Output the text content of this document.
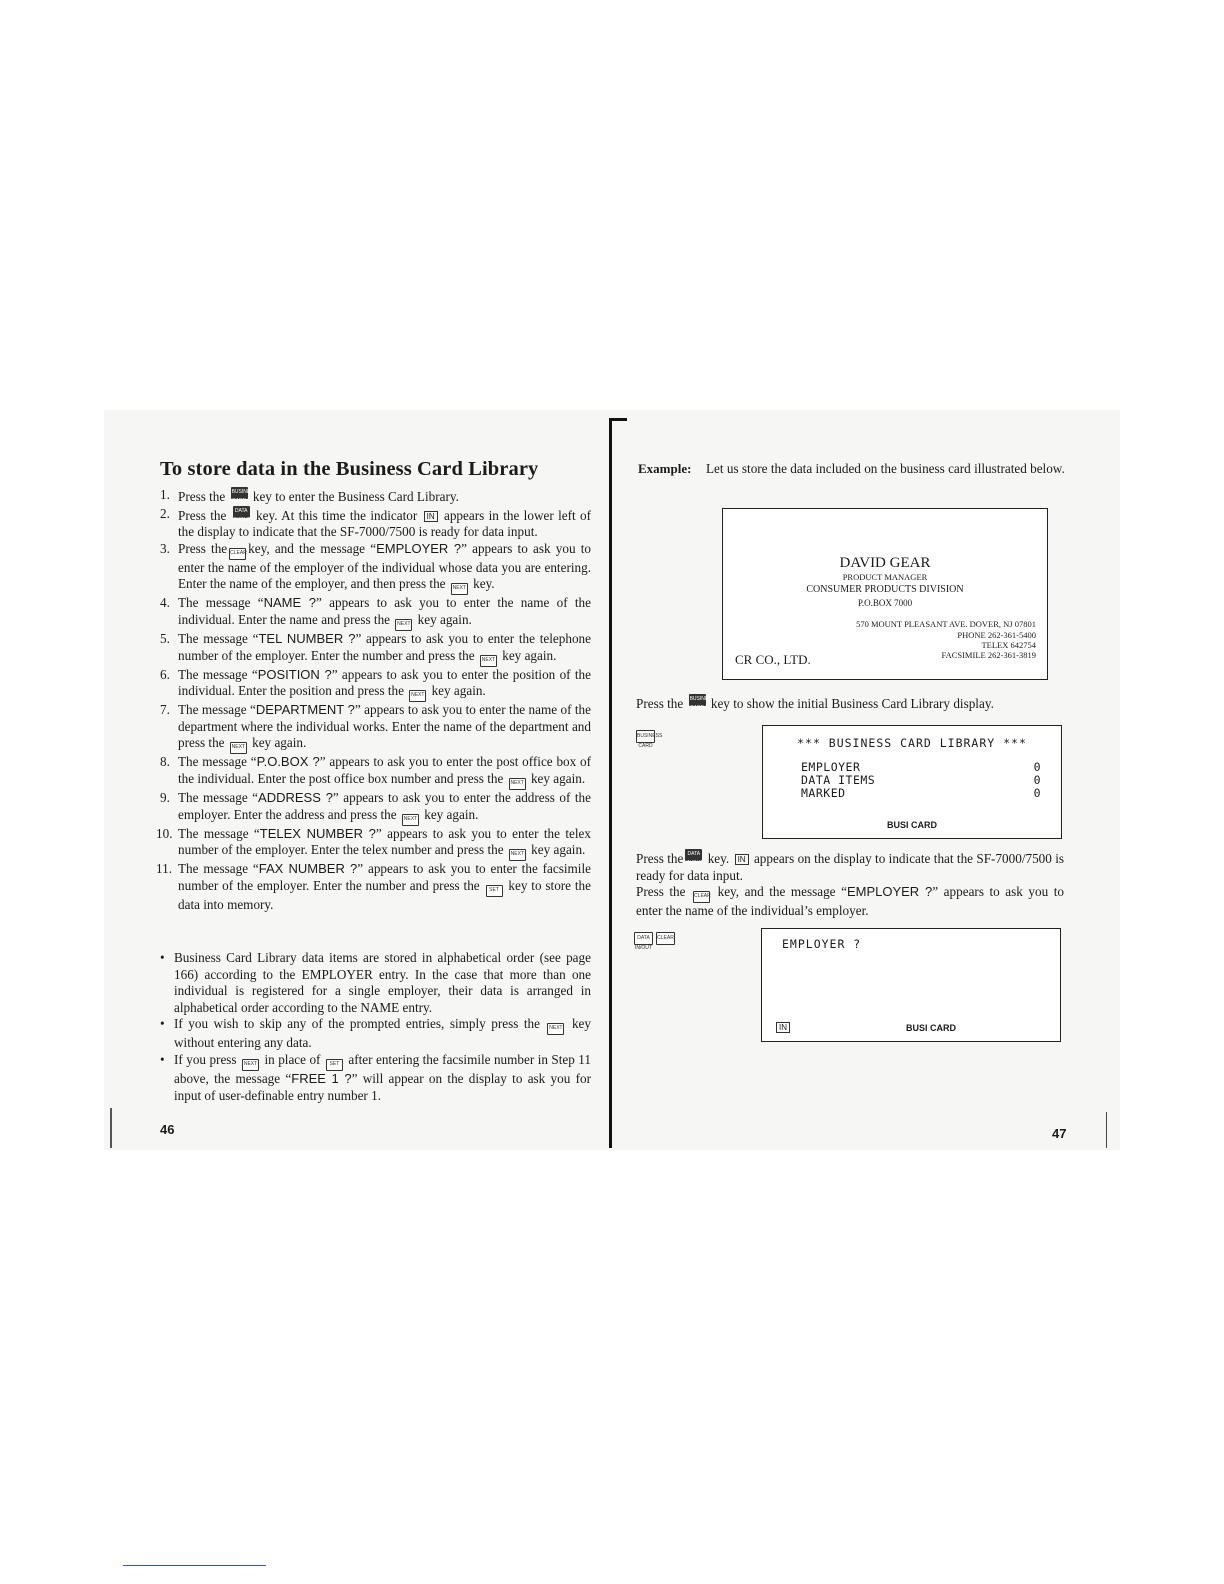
To store data in the Business Card Library
1. Press the BUSINESS CARD key to enter the Business Card Library.
2. Press the DATA IN/OUT key. At this time the indicator IN appears in the lower left of the display to indicate that the SF-7000/7500 is ready for data input.
3. Press the CLEARkey, and the message “EMPLOYER ?” appears to ask you to enter the name of the employer of the individual whose data you are entering. Enter the name of the employer, and then press the NEXT key.
4. The message “NAME ?” appears to ask you to enter the name of the individual. Enter the name and press the NEXT key again.
5. The message “TEL NUMBER ?” appears to ask you to enter the telephone number of the employer. Enter the number and press the NEXT key again.
6. The message “POSITION ?” appears to ask you to enter the position of the individual. Enter the position and press the NEXT key again.
7. The message “DEPARTMENT ?” appears to ask you to enter the name of the department where the individual works. Enter the name of the department and press the NEXT key again.
8. The message “P.O.BOX ?” appears to ask you to enter the post office box of the individual. Enter the post office box number and press the NEXT key again.
9. The message “ADDRESS ?” appears to ask you to enter the address of the employer. Enter the address and press the NEXT key again.
10. The message “TELEX NUMBER ?” appears to ask you to enter the telex number of the employer. Enter the telex number and press the NEXT key again.
11. The message “FAX NUMBER ?” appears to ask you to enter the facsimile number of the employer. Enter the number and press the SET key to store the data into memory.
• Business Card Library data items are stored in alphabetical order (see page 166) according to the EMPLOYER entry. In the case that more than one individual is registered for a single employer, their data is arranged in alphabetical order according to the NAME entry.
• If you wish to skip any of the prompted entries, simply press the NEXT key without entering any data.
• If you press NEXT in place of SET after entering the facsimile number in Step 11 above, the message “FREE 1 ?” will appear on the display to ask you for input of user-definable entry number 1.
46
Example: Let us store the data included on the business card illustrated below.
DAVID GEAR
PRODUCT MANAGER
CONSUMER PRODUCTS DIVISION
P.O.BOX 7000
570 MOUNT PLEASANT AVE. DOVER, NJ 07801
PHONE 262-361-5400
TELEX 642754
FACSIMILE 262-361-3819
CR CO., LTD.
Press the BUSINESS CARD key to show the initial Business Card Library display.
BUSINESS CARD	*** BUSINESS CARD LIBRARY ***
EMPLOYER	0
DATA ITEMS	0
MARKED	0
BUSI CARD
Press the DATA IN/OUT key. IN appears on the display to indicate that the SF-7000/7500 is ready for data input.
Press the CLEAR key, and the message “EMPLOYER ?” appears to ask you to enter the name of the individual’s employer.
DATA IN/OUT
CLEAR	EMPLOYER ?
IN	BUSI CARD
47
